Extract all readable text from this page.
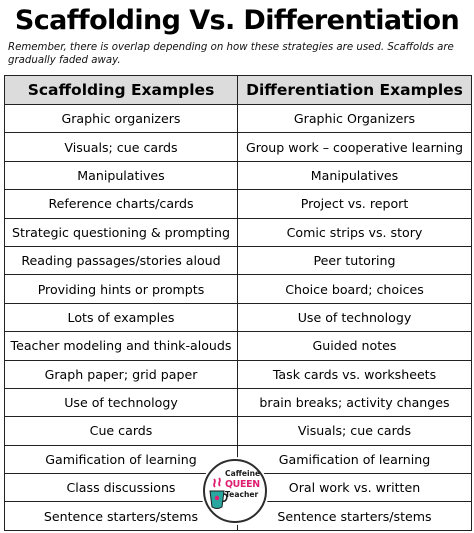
Scaffolding Vs. Differentiation
Remember, there is overlap depending on how these strategies are used. Scaffolds are gradually faded away.
Scaffolding Examples	Differentiation Examples
Graphic organizers	Graphic Organizers
Visuals; cue cards	Group work – cooperative learning
Manipulatives	Manipulatives
Reference charts/cards	Project vs. report
Strategic questioning & prompting	Comic strips vs. story
Reading passages/stories aloud	Peer tutoring
Providing hints or prompts	Choice board; choices
Lots of examples	Use of technology
Teacher modeling and think-alouds	Guided notes
Graph paper; grid paper	Task cards vs. worksheets
Use of technology	brain breaks; activity changes
Cue cards	Visuals; cue cards
Gamification of learning	Gamification of learning
Class discussions	Oral work vs. written
Sentence starters/stems	Sentence starters/stems
Caffeine
QUEEN
Teacher
